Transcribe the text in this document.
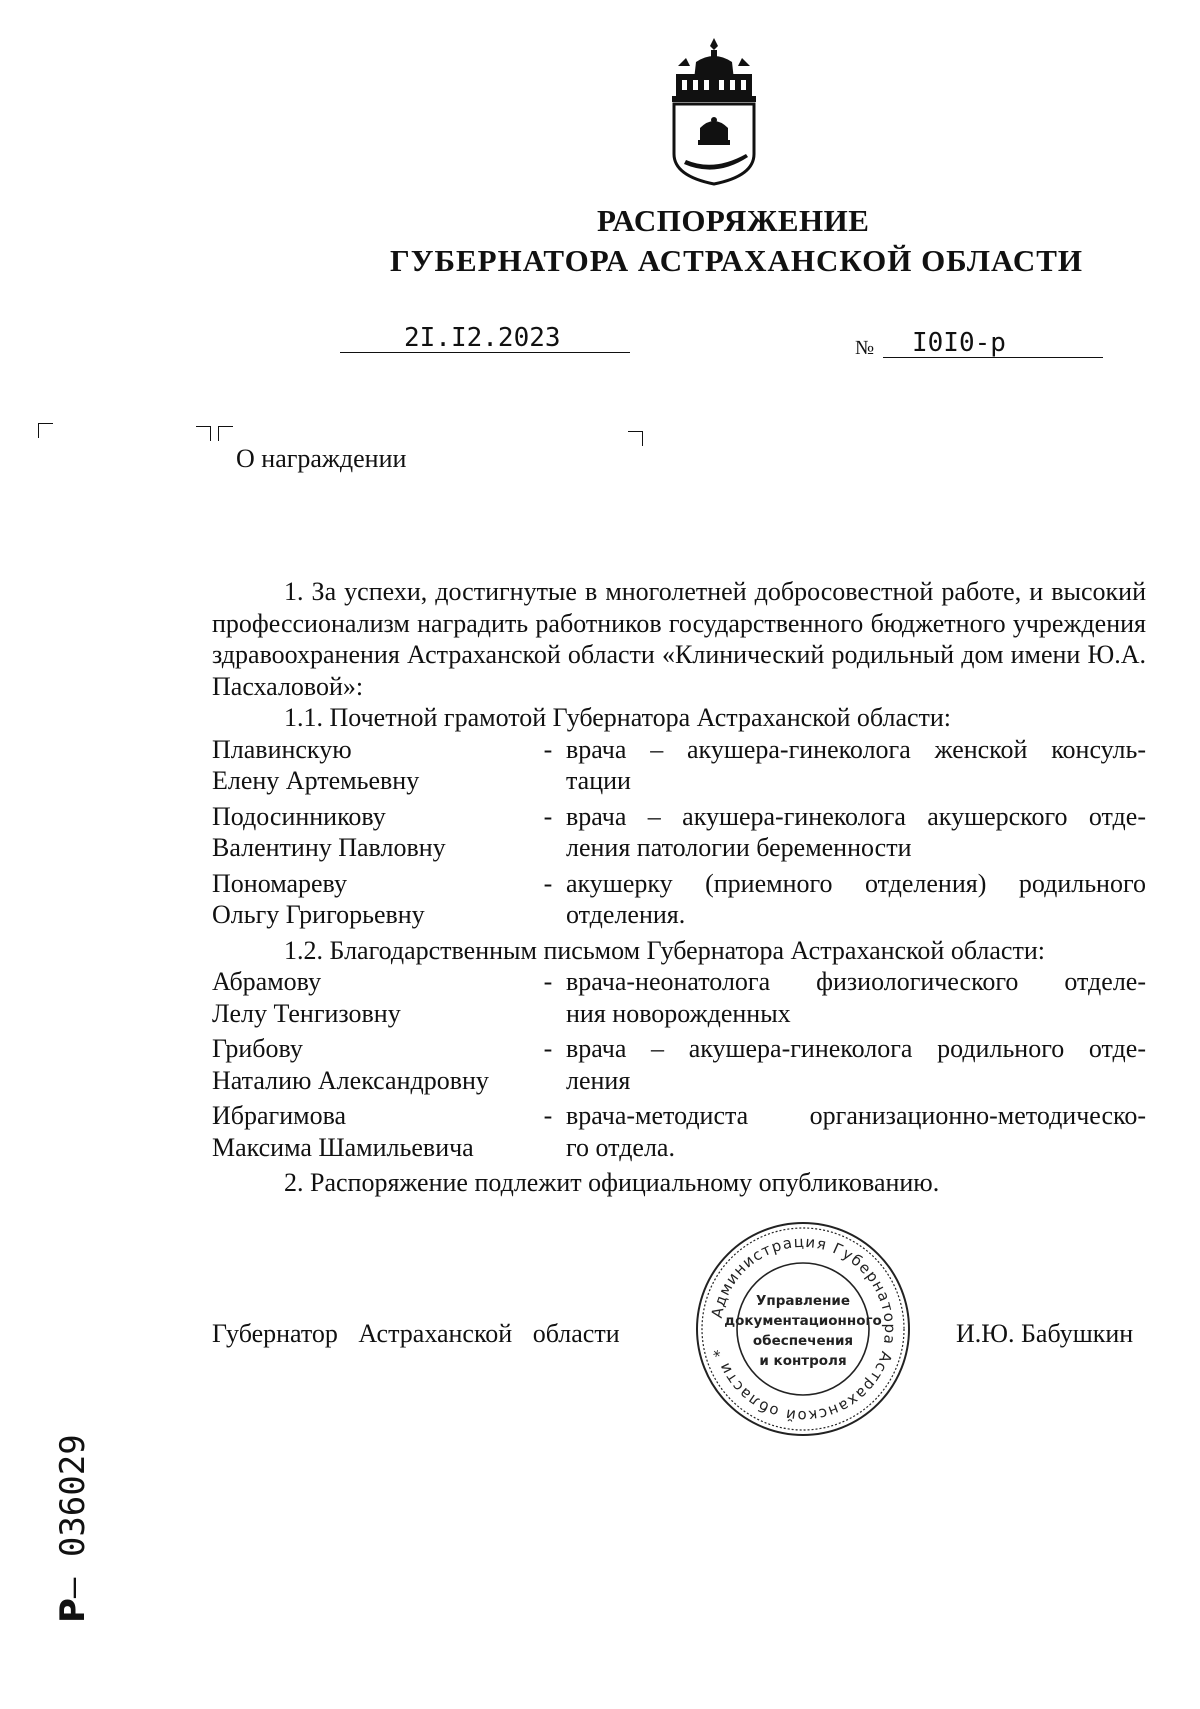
РАСПОРЯЖЕНИЕ
ГУБЕРНАТОРА АСТРАХАНСКОЙ ОБЛАСТИ
2I.I2.2023	№ I0I0-р
О награждении

1. За успехи, достигнутые в многолетней добросовестной работе, и высокий профессионализм наградить работников государственного бюджетного учреждения здравоохранения Астраханской области «Клинический родильный дом имени Ю.А. Пасхаловой»:

1.1. Почетной грамотой Губернатора Астраханской области:

Плавинскую
Елену Артемьевну
- врача – акушера-гинеколога женской консуль-
тации
Подосинникову
Валентину Павловну
- врача – акушера-гинеколога акушерского отде-
ления патологии беременности
Пономареву
Ольгу Григорьевну
- акушерку (приемного отделения) родильного
отделения.

1.2. Благодарственным письмом Губернатора Астраханской области:

Абрамову
Лелу Тенгизовну
- врача-неонатолога физиологического отделе-
ния новорожденных
Грибову
Наталию Александровну
- врача – акушера-гинеколога родильного отде-
ления
Ибрагимова
Максима Шамильевича
- врача-методиста организационно-методическо-
го отдела.

2. Распоряжение подлежит официальному опубликованию.

Губернатор Астраханской области	И.Ю. Бабушкин
Администрация Губернатора Астраханской области *
Управление
документационного
обеспечения
и контроля
Р– 036029
